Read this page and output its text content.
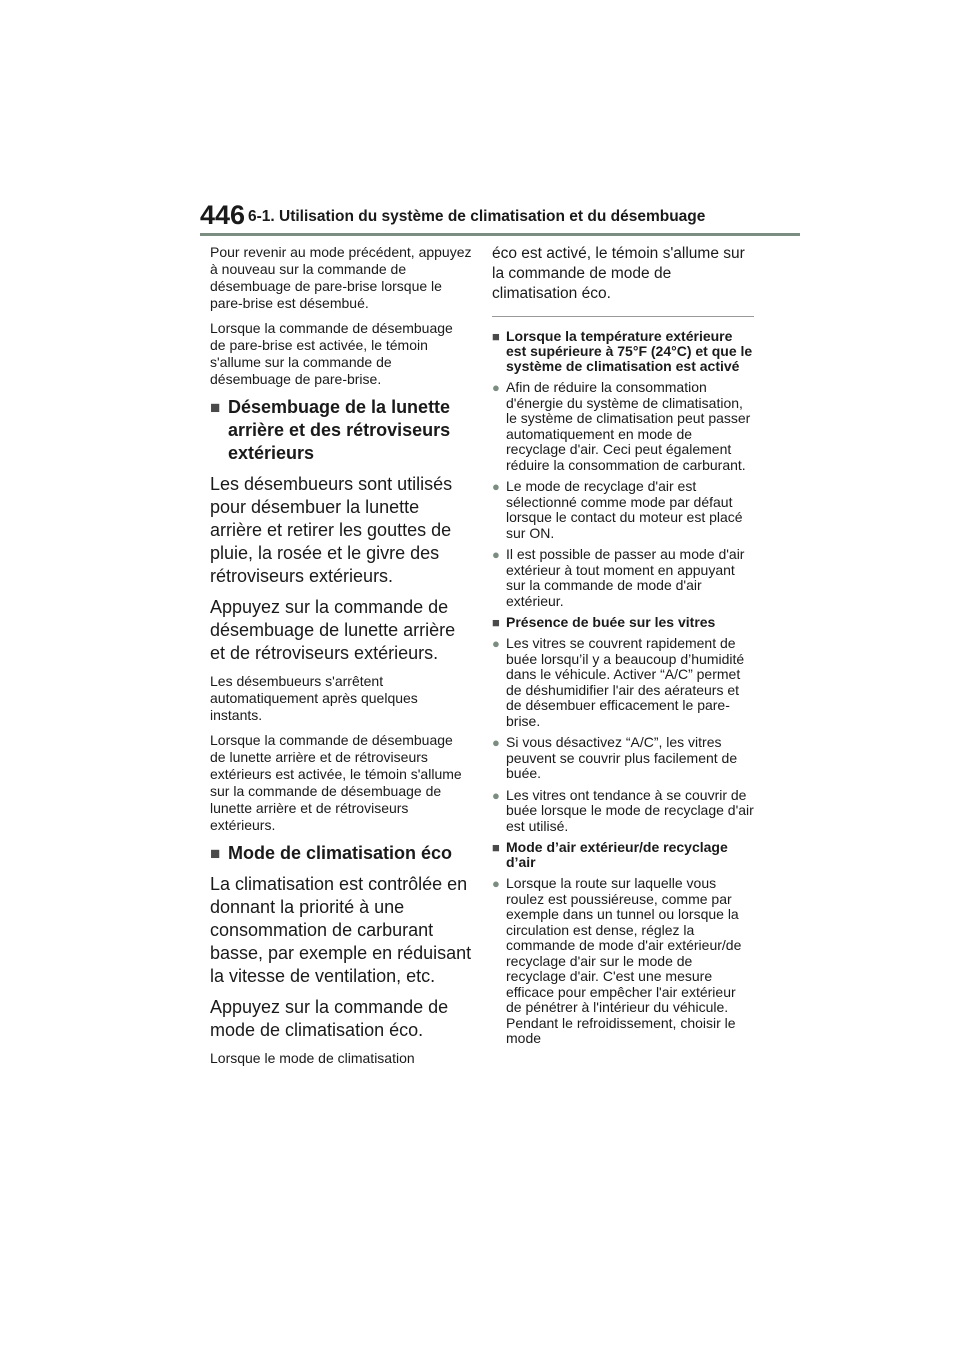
446 6-1. Utilisation du système de climatisation et du désembuage

Pour revenir au mode précédent, appuyez à nouveau sur la commande de désembuage de pare-brise lorsque le pare-brise est désembué.

Lorsque la commande de désembuage de pare-brise est activée, le témoin s'allume sur la commande de désembuage de pare-brise.

■ Désembuage de la lunette arrière et des rétroviseurs extérieurs

Les désembueurs sont utilisés pour désembuer la lunette arrière et retirer les gouttes de pluie, la rosée et le givre des rétroviseurs extérieurs.

Appuyez sur la commande de désembuage de lunette arrière et de rétroviseurs extérieurs.

Les désembueurs s'arrêtent automatiquement après quelques instants.

Lorsque la commande de désembuage de lunette arrière et de rétroviseurs extérieurs est activée, le témoin s'allume sur la commande de désembuage de lunette arrière et de rétroviseurs extérieurs.

■ Mode de climatisation éco

La climatisation est contrôlée en donnant la priorité à une consommation de carburant basse, par exemple en réduisant la vitesse de ventilation, etc.

Appuyez sur la commande de mode de climatisation éco.

Lorsque le mode de climatisation

éco est activé, le témoin s'allume sur la commande de mode de climatisation éco.

■ Lorsque la température extérieure est supérieure à 75°F (24°C) et que le système de climatisation est activé
● Afin de réduire la consommation d'énergie du système de climatisation, le système de climatisation peut passer automatiquement en mode de recyclage d'air. Ceci peut également réduire la consommation de carburant.
● Le mode de recyclage d'air est sélectionné comme mode par défaut lorsque le contact du moteur est placé sur ON.
● Il est possible de passer au mode d'air extérieur à tout moment en appuyant sur la commande de mode d'air extérieur.
■ Présence de buée sur les vitres
● Les vitres se couvrent rapidement de buée lorsqu’il y a beaucoup d’humidité dans le véhicule. Activer “A/C” permet de déshumidifier l'air des aérateurs et de désembuer efficacement le pare-brise.
● Si vous désactivez “A/C”, les vitres peuvent se couvrir plus facilement de buée.
● Les vitres ont tendance à se couvrir de buée lorsque le mode de recyclage d'air est utilisé.
■ Mode d’air extérieur/de recyclage d’air
● Lorsque la route sur laquelle vous roulez est poussiéreuse, comme par exemple dans un tunnel ou lorsque la circulation est dense, réglez la commande de mode d'air extérieur/de recyclage d'air sur le mode de recyclage d'air. C'est une mesure efficace pour empêcher l'air extérieur de pénétrer à l'intérieur du véhicule. Pendant le refroidissement, choisir le mode
